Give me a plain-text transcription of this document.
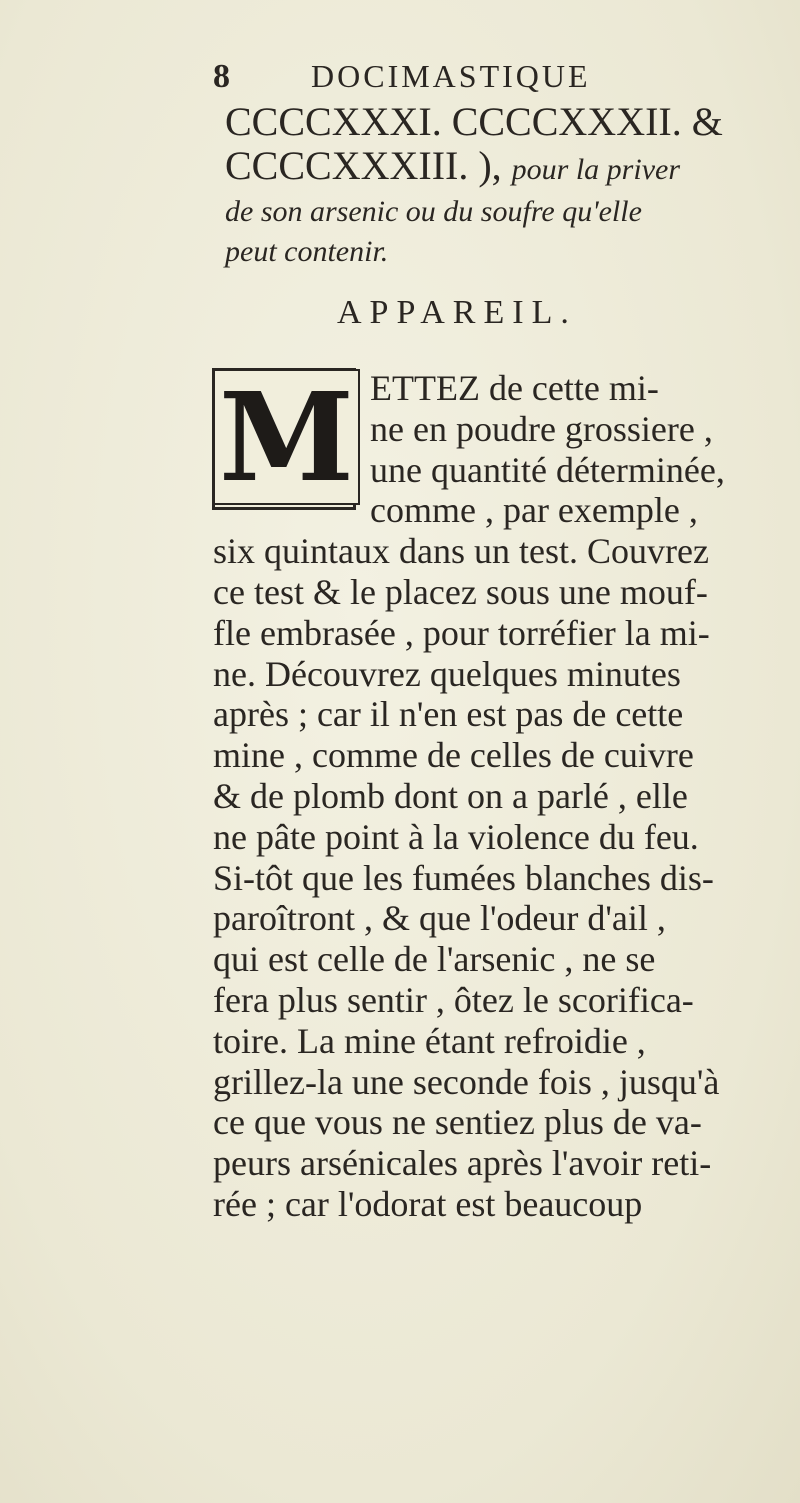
8	DOCIMASTIQUE
CCCCXXXI. CCCCXXXII. &
CCCCXXXIII. ), pour la priver
de son arsenic ou du soufre qu'elle
peut contenir.
APPAREIL.
ETTEZ de cette mi-
ne en poudre grossiere ,
une quantité déterminée,
comme , par exemple ,
six quintaux dans un test. Couvrez
ce test & le placez sous une mouf-
fle embrasée , pour torréfier la mi-
ne. Découvrez quelques minutes
après ; car il n'en est pas de cette
mine , comme de celles de cuivre
& de plomb dont on a parlé , elle
ne pâte point à la violence du feu.
Si-tôt que les fumées blanches dis-
paroîtront , & que l'odeur d'ail ,
qui est celle de l'arsenic , ne se
fera plus sentir , ôtez le scorifica-
toire. La mine étant refroidie ,
grillez-la une seconde fois , jusqu'à
ce que vous ne sentiez plus de va-
peurs arsénicales après l'avoir reti-
rée ; car l'odorat est beaucoup
M
